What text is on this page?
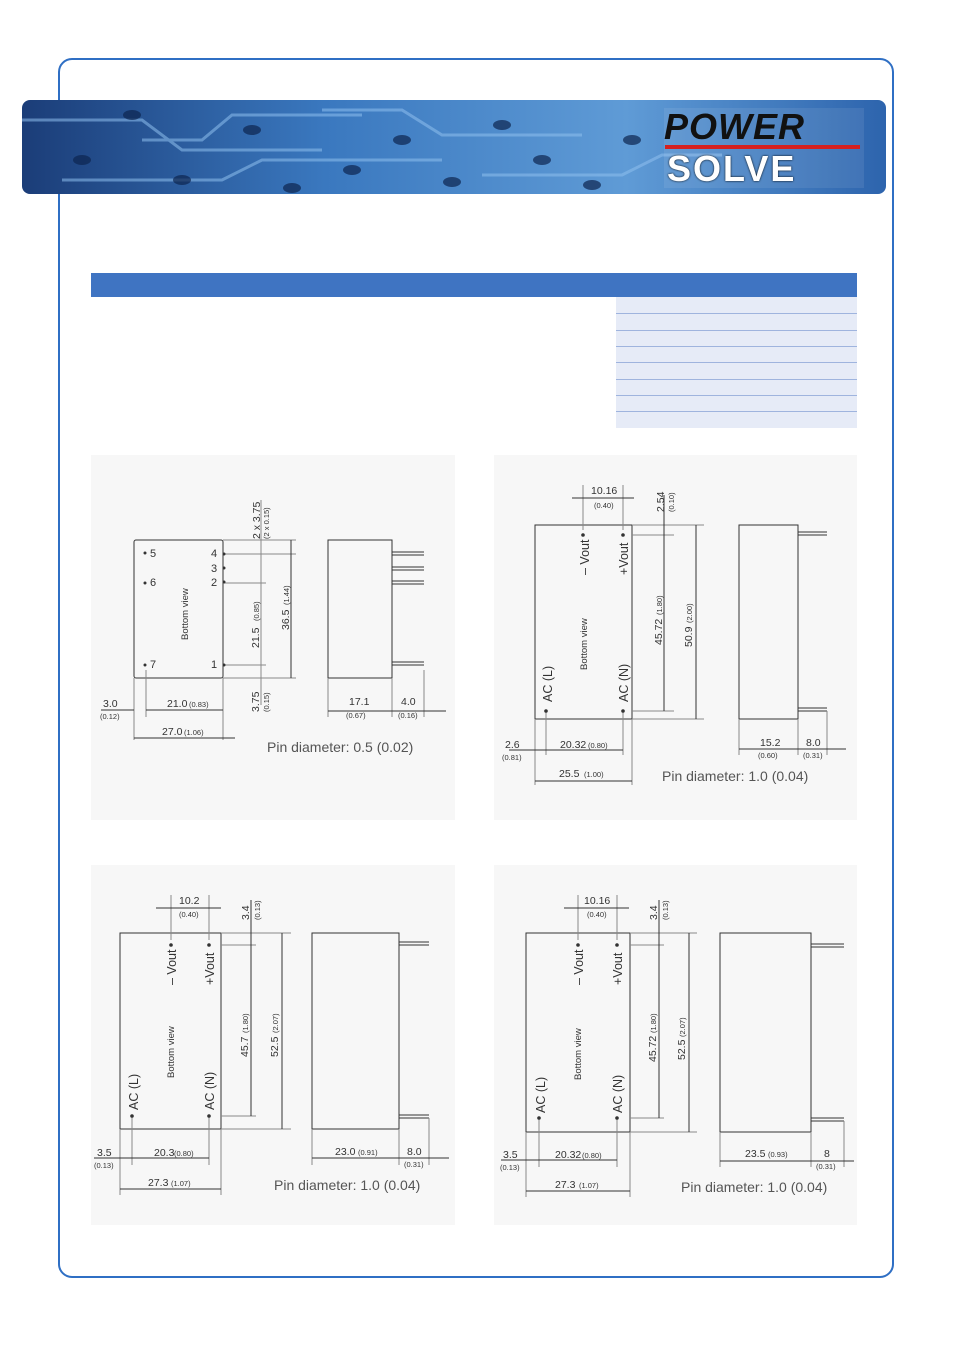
POWER
SOLVE
5	4
3
2
6
7	1
Bottom view
2 x 3.75 (2 x 0.15)
21.5
(0.85) 36.5
(1.44)
3.75 (0.15)
3.0
(0.12)
21.0 (0.83)
27.0 (1.06)
17.1
(0.67)
4.0
(0.16)
Pin diameter: 0.5 (0.02)
– Vout +Vout
AC (L)	AC (N)
Bottom view
10.16
(0.40)	2.54 (0.10)
45.72
(1.80)
50.9
(2.00)
2.6
(0.81)
20.32 (0.80)
25.5 (1.00)
15.2
(0.60)
8.0
(0.31)
Pin diameter: 1.0 (0.04)
– Vout +Vout
AC (L)	AC (N)
Bottom view
10.2
(0.40)	3.4 (0.13)
45.7
(1.80)
52.5
(2.07)
3.5
(0.13)
20.3 (0.80)
27.3 (1.07)
23.0 (0.91)	8.0
(0.31)
Pin diameter: 1.0 (0.04)
– Vout +Vout
AC (L)	AC (N)
Bottom view
10.16
(0.40)	3.4 (0.13)
45.72
(1.80)
52.5
(2.07)
3.5
(0.13)
20.32 (0.80)
27.3 (1.07)
23.5 (0.93)	8
(0.31)
Pin diameter: 1.0 (0.04)
